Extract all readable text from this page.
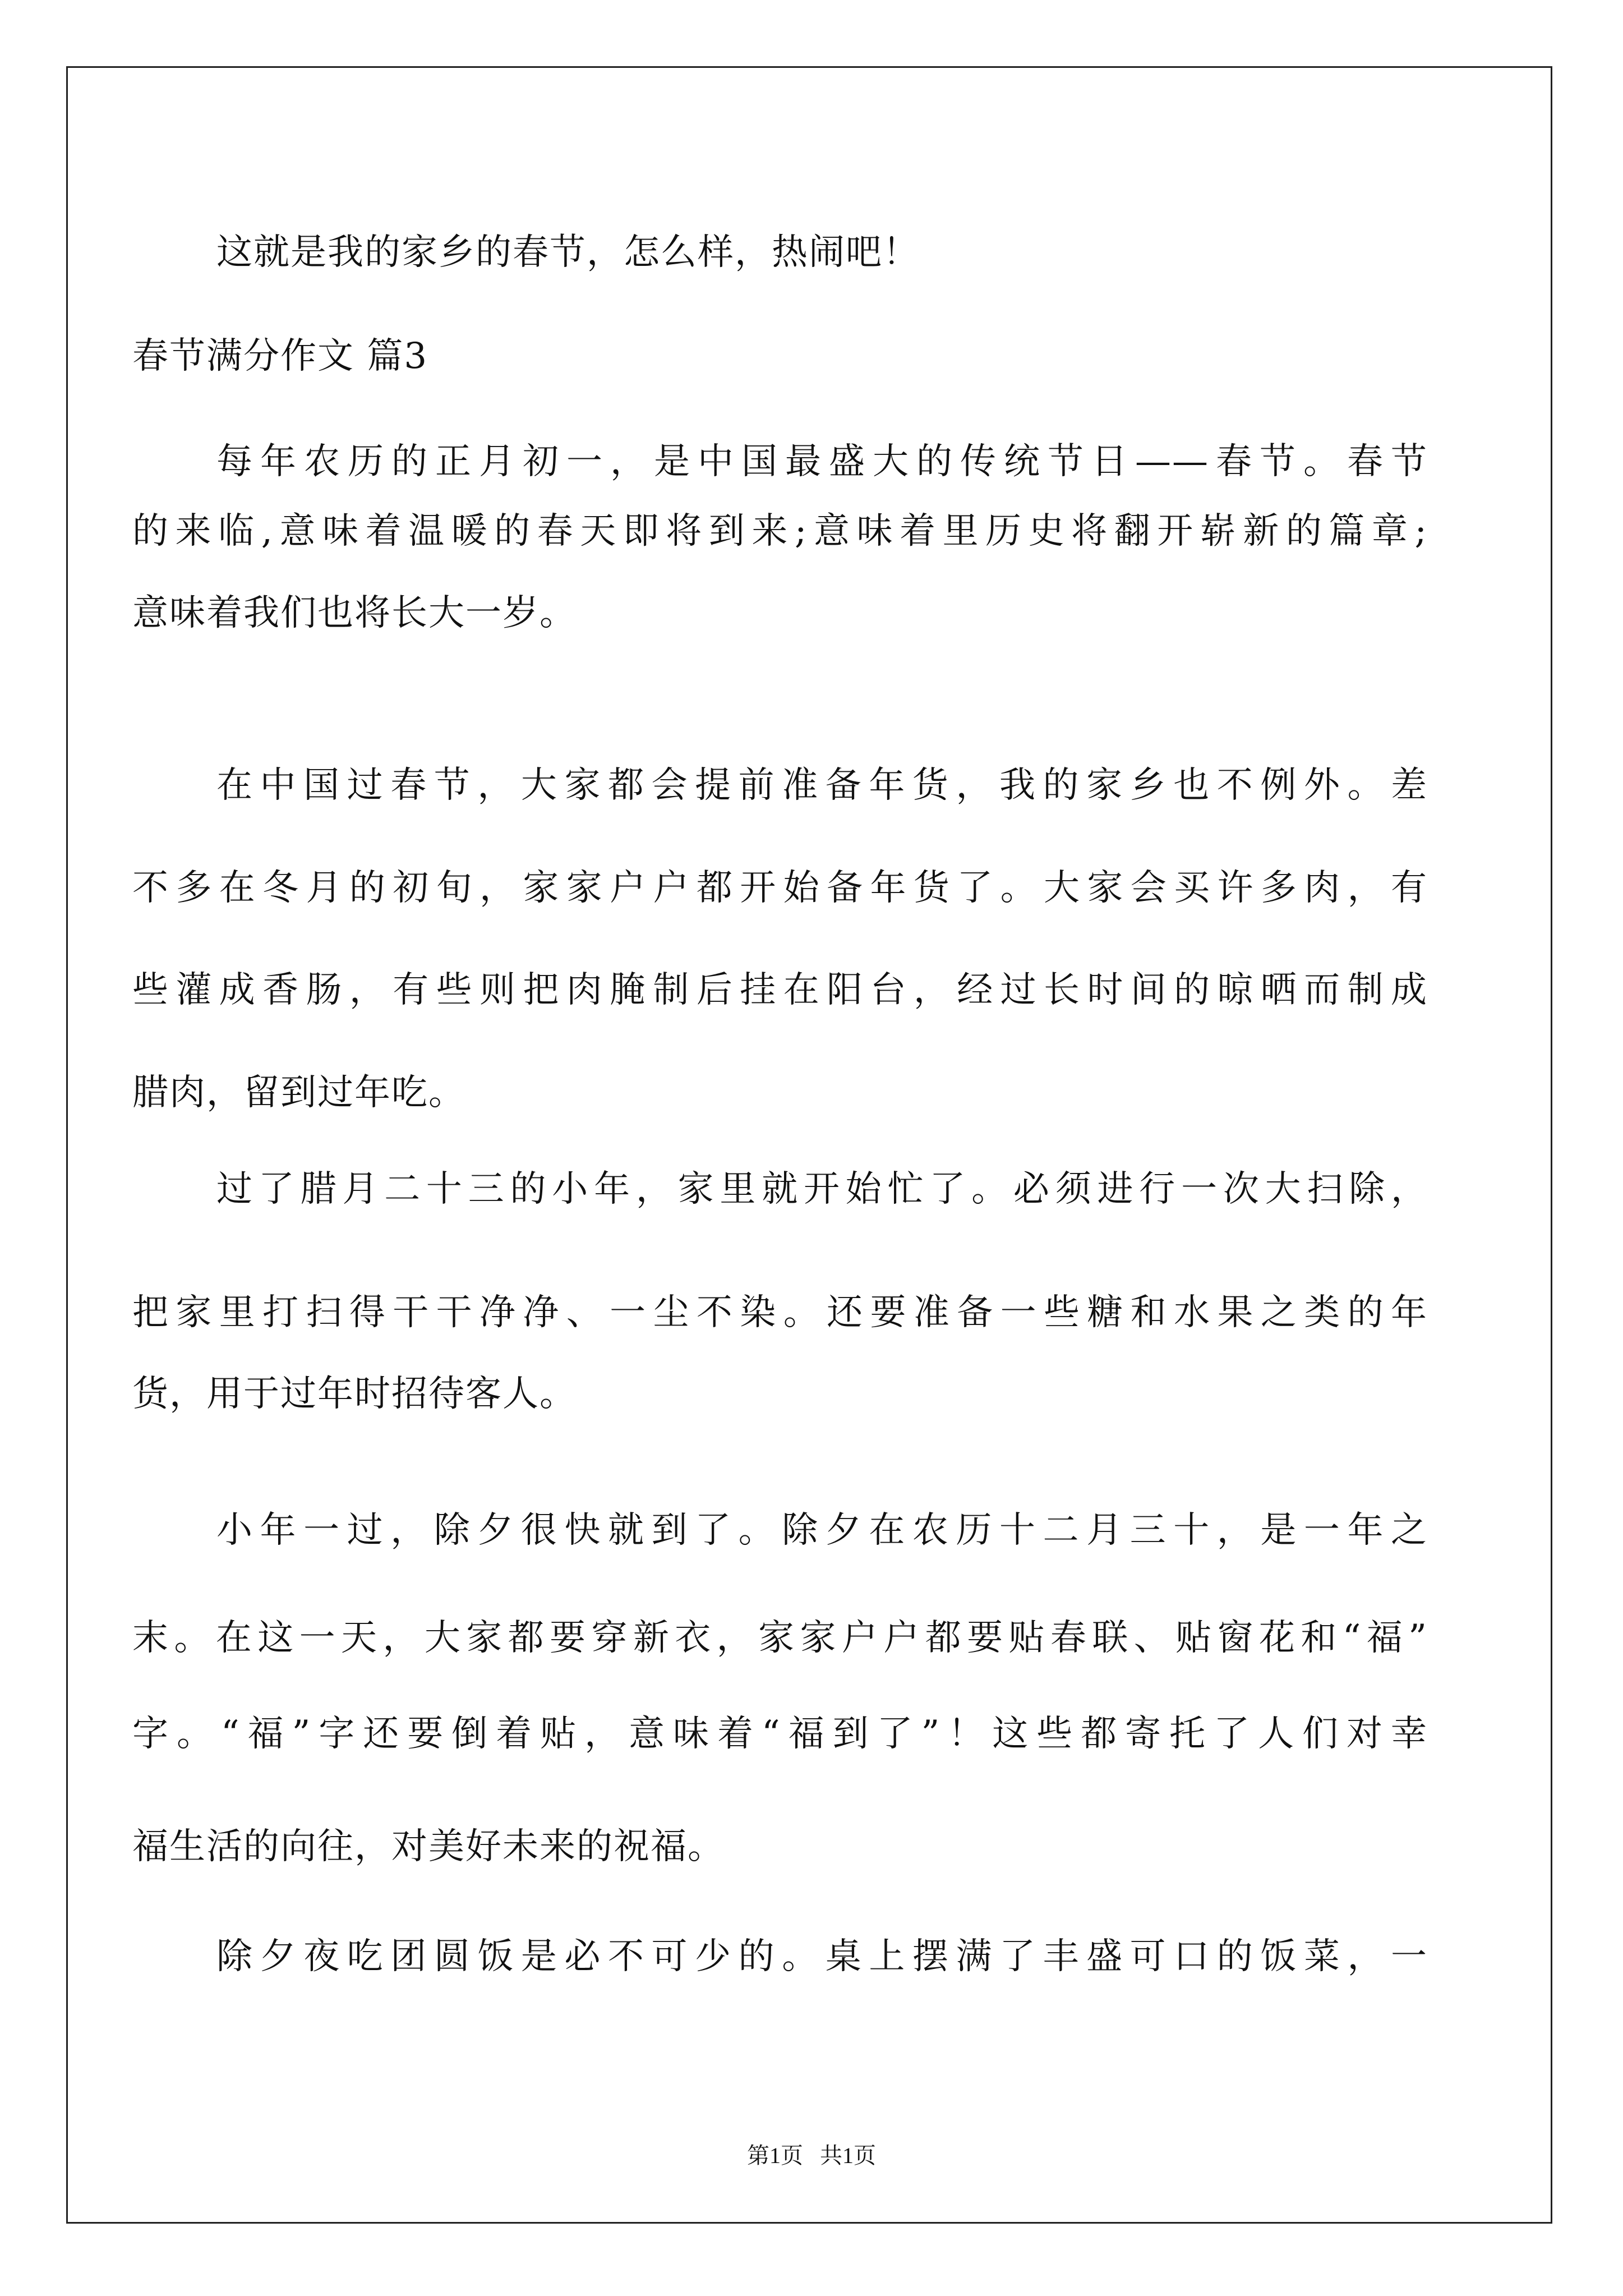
这就是我的家乡的春节，怎么样，热闹吧！
春节满分作文 篇3
每年农历的正月初一，是中国最盛大的传统节日——春节。春节
的来临,意味着温暖的春天即将到来;意味着里历史将翻开崭新的篇章;
意味着我们也将长大一岁。
在中国过春节，大家都会提前准备年货，我的家乡也不例外。差
不多在冬月的初旬，家家户户都开始备年货了。大家会买许多肉，有
些灌成香肠，有些则把肉腌制后挂在阳台，经过长时间的晾晒而制成
腊肉，留到过年吃。
过了腊月二十三的小年，家里就开始忙了。必须进行一次大扫除，
把家里打扫得干干净净、一尘不染。还要准备一些糖和水果之类的年
货，用于过年时招待客人。
小年一过，除夕很快就到了。除夕在农历十二月三十，是一年之
末。在这一天，大家都要穿新衣，家家户户都要贴春联、贴窗花和“福”
字。“福”字还要倒着贴，意味着“福到了”！这些都寄托了人们对幸
福生活的向往，对美好未来的祝福。
除夕夜吃团圆饭是必不可少的。桌上摆满了丰盛可口的饭菜，一
第1页   共1页
